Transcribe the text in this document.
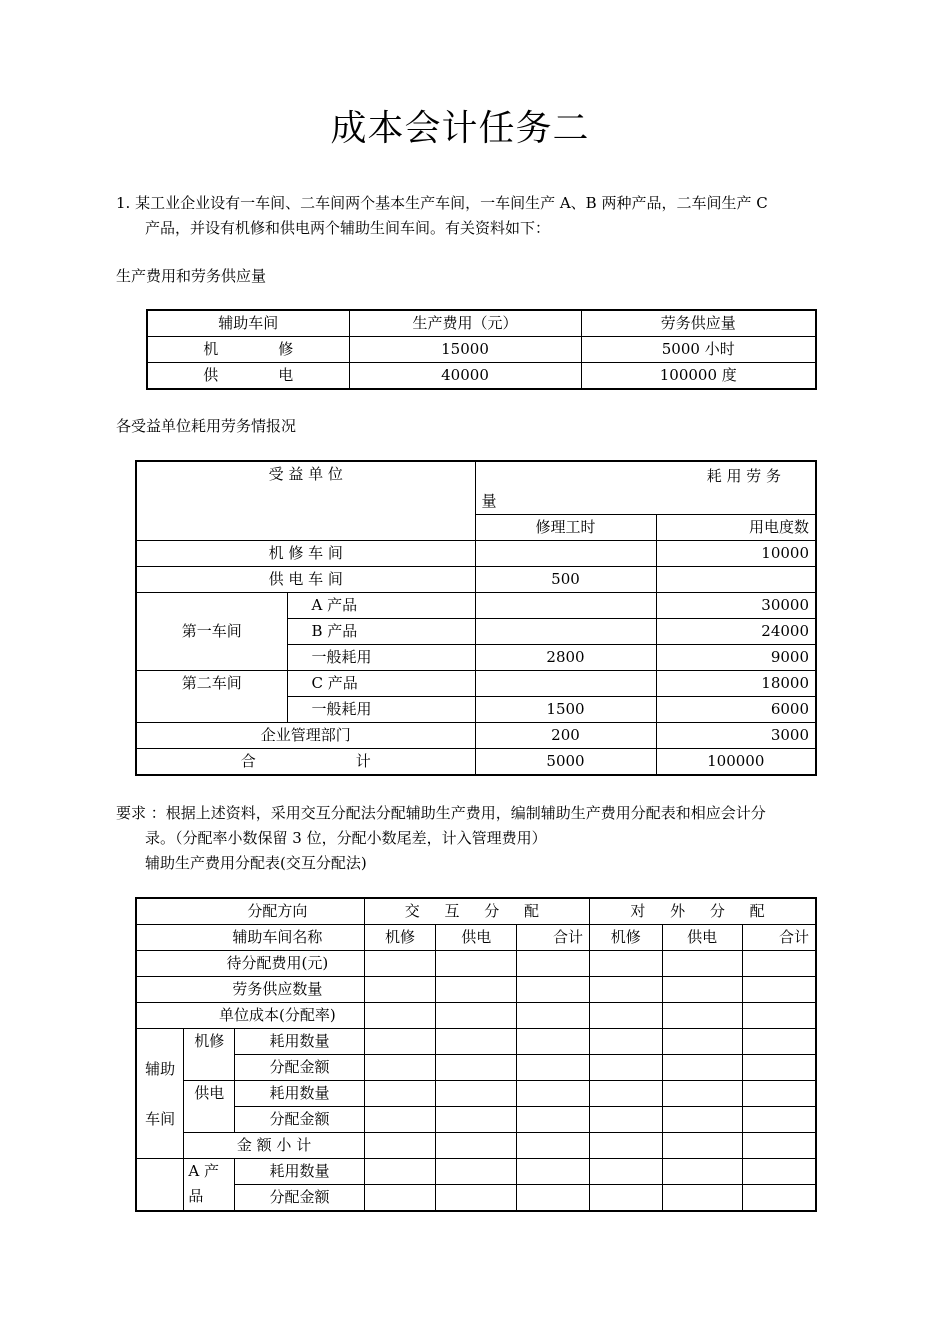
成本会计任务二
1. 某工业企业设有一车间、二车间两个基本生产车间，一车间生产 A、B 两种产品，二车间生产 C
产品，并设有机修和供电两个辅助生间车间。有关资料如下：
生产费用和劳务供应量
辅助车间	生产费用（元）	劳务供应量
机 修	15000	5000 小时
供 电	40000	100000 度
各受益单位耗用劳务情报况
受 益 单 位		耗 用 劳 务
量	

		修理工时	用电度数
机 修 车 间			10000
供 电 车 间		500	
第一车间	A 产品		30000
	B 产品		24000
	一般耗用	2800	9000
第二车间	C 产品		18000
	一般耗用	1500	6000
企业管理部门		200	3000
合 计		5000	100000
要求 ：根据上述资料，采用交互分配法分配辅助生产费用，编制辅助生产费用分配表和相应会计分
录。（分配率小数保留 3 位，分配小数尾差，计入管理费用）
辅助生产费用分配表(交互分配法)
分配方向			交 互 分 配			对 外 分 配		
辅助车间名称			机修	供电	合计	机修	供电	合计
待分配费用(元)								
劳务供应数量								
单位成本(分配率)								

辅助
车间	机修	耗用数量						
		分配金额						
	供电	耗用数量						
		分配金额						
	金 额 小 计							

	A 产
品	耗用数量						
		分配金额						
